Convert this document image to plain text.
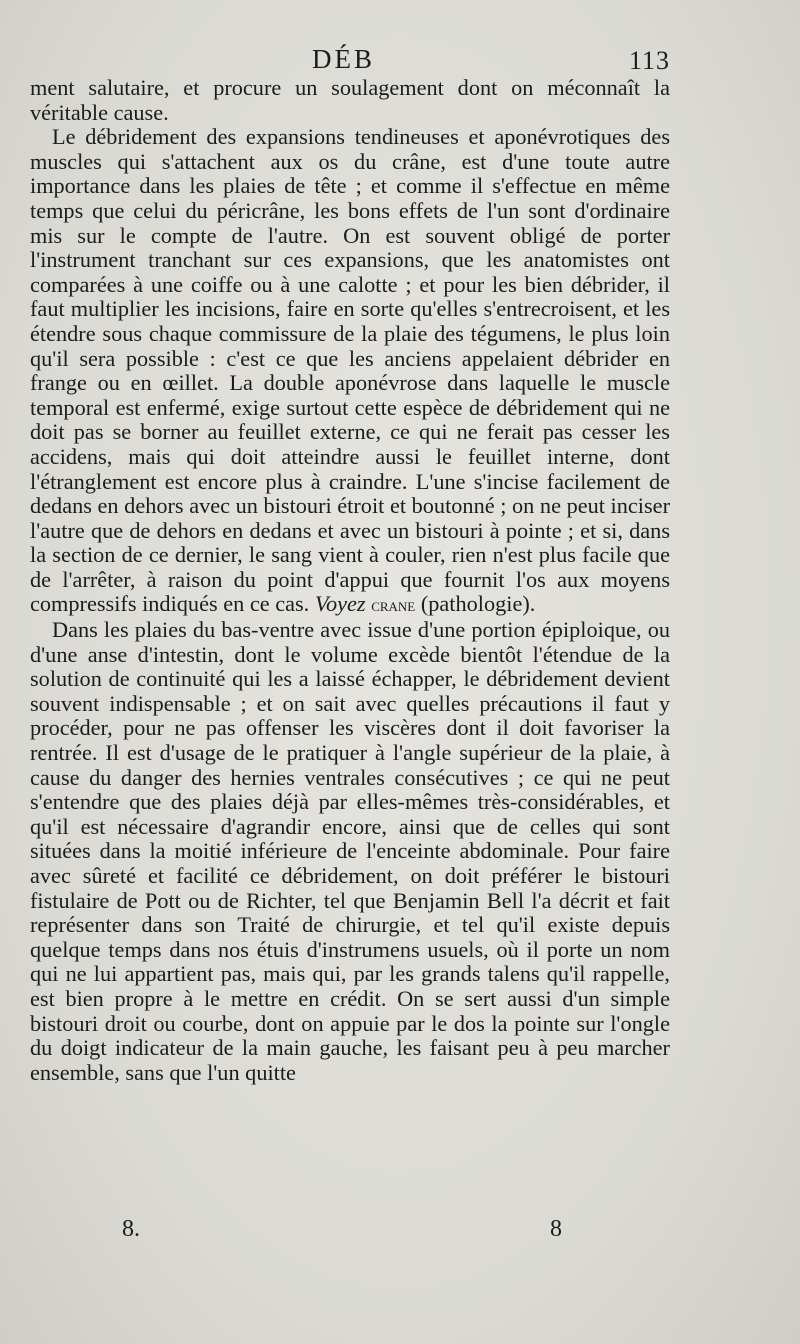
DÉB	113

ment salutaire, et procure un soulagement dont on méconnaît la véritable cause.

Le débridement des expansions tendineuses et aponévrotiques des muscles qui s'attachent aux os du crâne, est d'une toute autre importance dans les plaies de tête ; et comme il s'effectue en même temps que celui du péricrâne, les bons effets de l'un sont d'ordinaire mis sur le compte de l'autre. On est souvent obligé de porter l'instrument tranchant sur ces expansions, que les anatomistes ont comparées à une coiffe ou à une calotte ; et pour les bien débrider, il faut multiplier les incisions, faire en sorte qu'elles s'entrecroisent, et les étendre sous chaque commissure de la plaie des tégumens, le plus loin qu'il sera possible : c'est ce que les anciens appelaient débrider en frange ou en œillet. La double aponévrose dans laquelle le muscle temporal est enfermé, exige surtout cette espèce de débridement qui ne doit pas se borner au feuillet externe, ce qui ne ferait pas cesser les accidens, mais qui doit atteindre aussi le feuillet interne, dont l'étranglement est encore plus à craindre. L'une s'incise facilement de dedans en dehors avec un bistouri étroit et boutonné ; on ne peut inciser l'autre que de dehors en dedans et avec un bistouri à pointe ; et si, dans la section de ce dernier, le sang vient à couler, rien n'est plus facile que de l'arrêter, à raison du point d'appui que fournit l'os aux moyens compressifs indiqués en ce cas. Voyez crane (pathologie).

Dans les plaies du bas-ventre avec issue d'une portion épiploique, ou d'une anse d'intestin, dont le volume excède bientôt l'étendue de la solution de continuité qui les a laissé échapper, le débridement devient souvent indispensable ; et on sait avec quelles précautions il faut y procéder, pour ne pas offenser les viscères dont il doit favoriser la rentrée. Il est d'usage de le pratiquer à l'angle supérieur de la plaie, à cause du danger des hernies ventrales consécutives ; ce qui ne peut s'entendre que des plaies déjà par elles-mêmes très-considérables, et qu'il est nécessaire d'agrandir encore, ainsi que de celles qui sont situées dans la moitié inférieure de l'enceinte abdominale. Pour faire avec sûreté et facilité ce débridement, on doit préférer le bistouri fistulaire de Pott ou de Richter, tel que Benjamin Bell l'a décrit et fait représenter dans son Traité de chirurgie, et tel qu'il existe depuis quelque temps dans nos étuis d'instrumens usuels, où il porte un nom qui ne lui appartient pas, mais qui, par les grands talens qu'il rappelle, est bien propre à le mettre en crédit. On se sert aussi d'un simple bistouri droit ou courbe, dont on appuie par le dos la pointe sur l'ongle du doigt indicateur de la main gauche, les faisant peu à peu marcher ensemble, sans que l'un quitte

8.	8
